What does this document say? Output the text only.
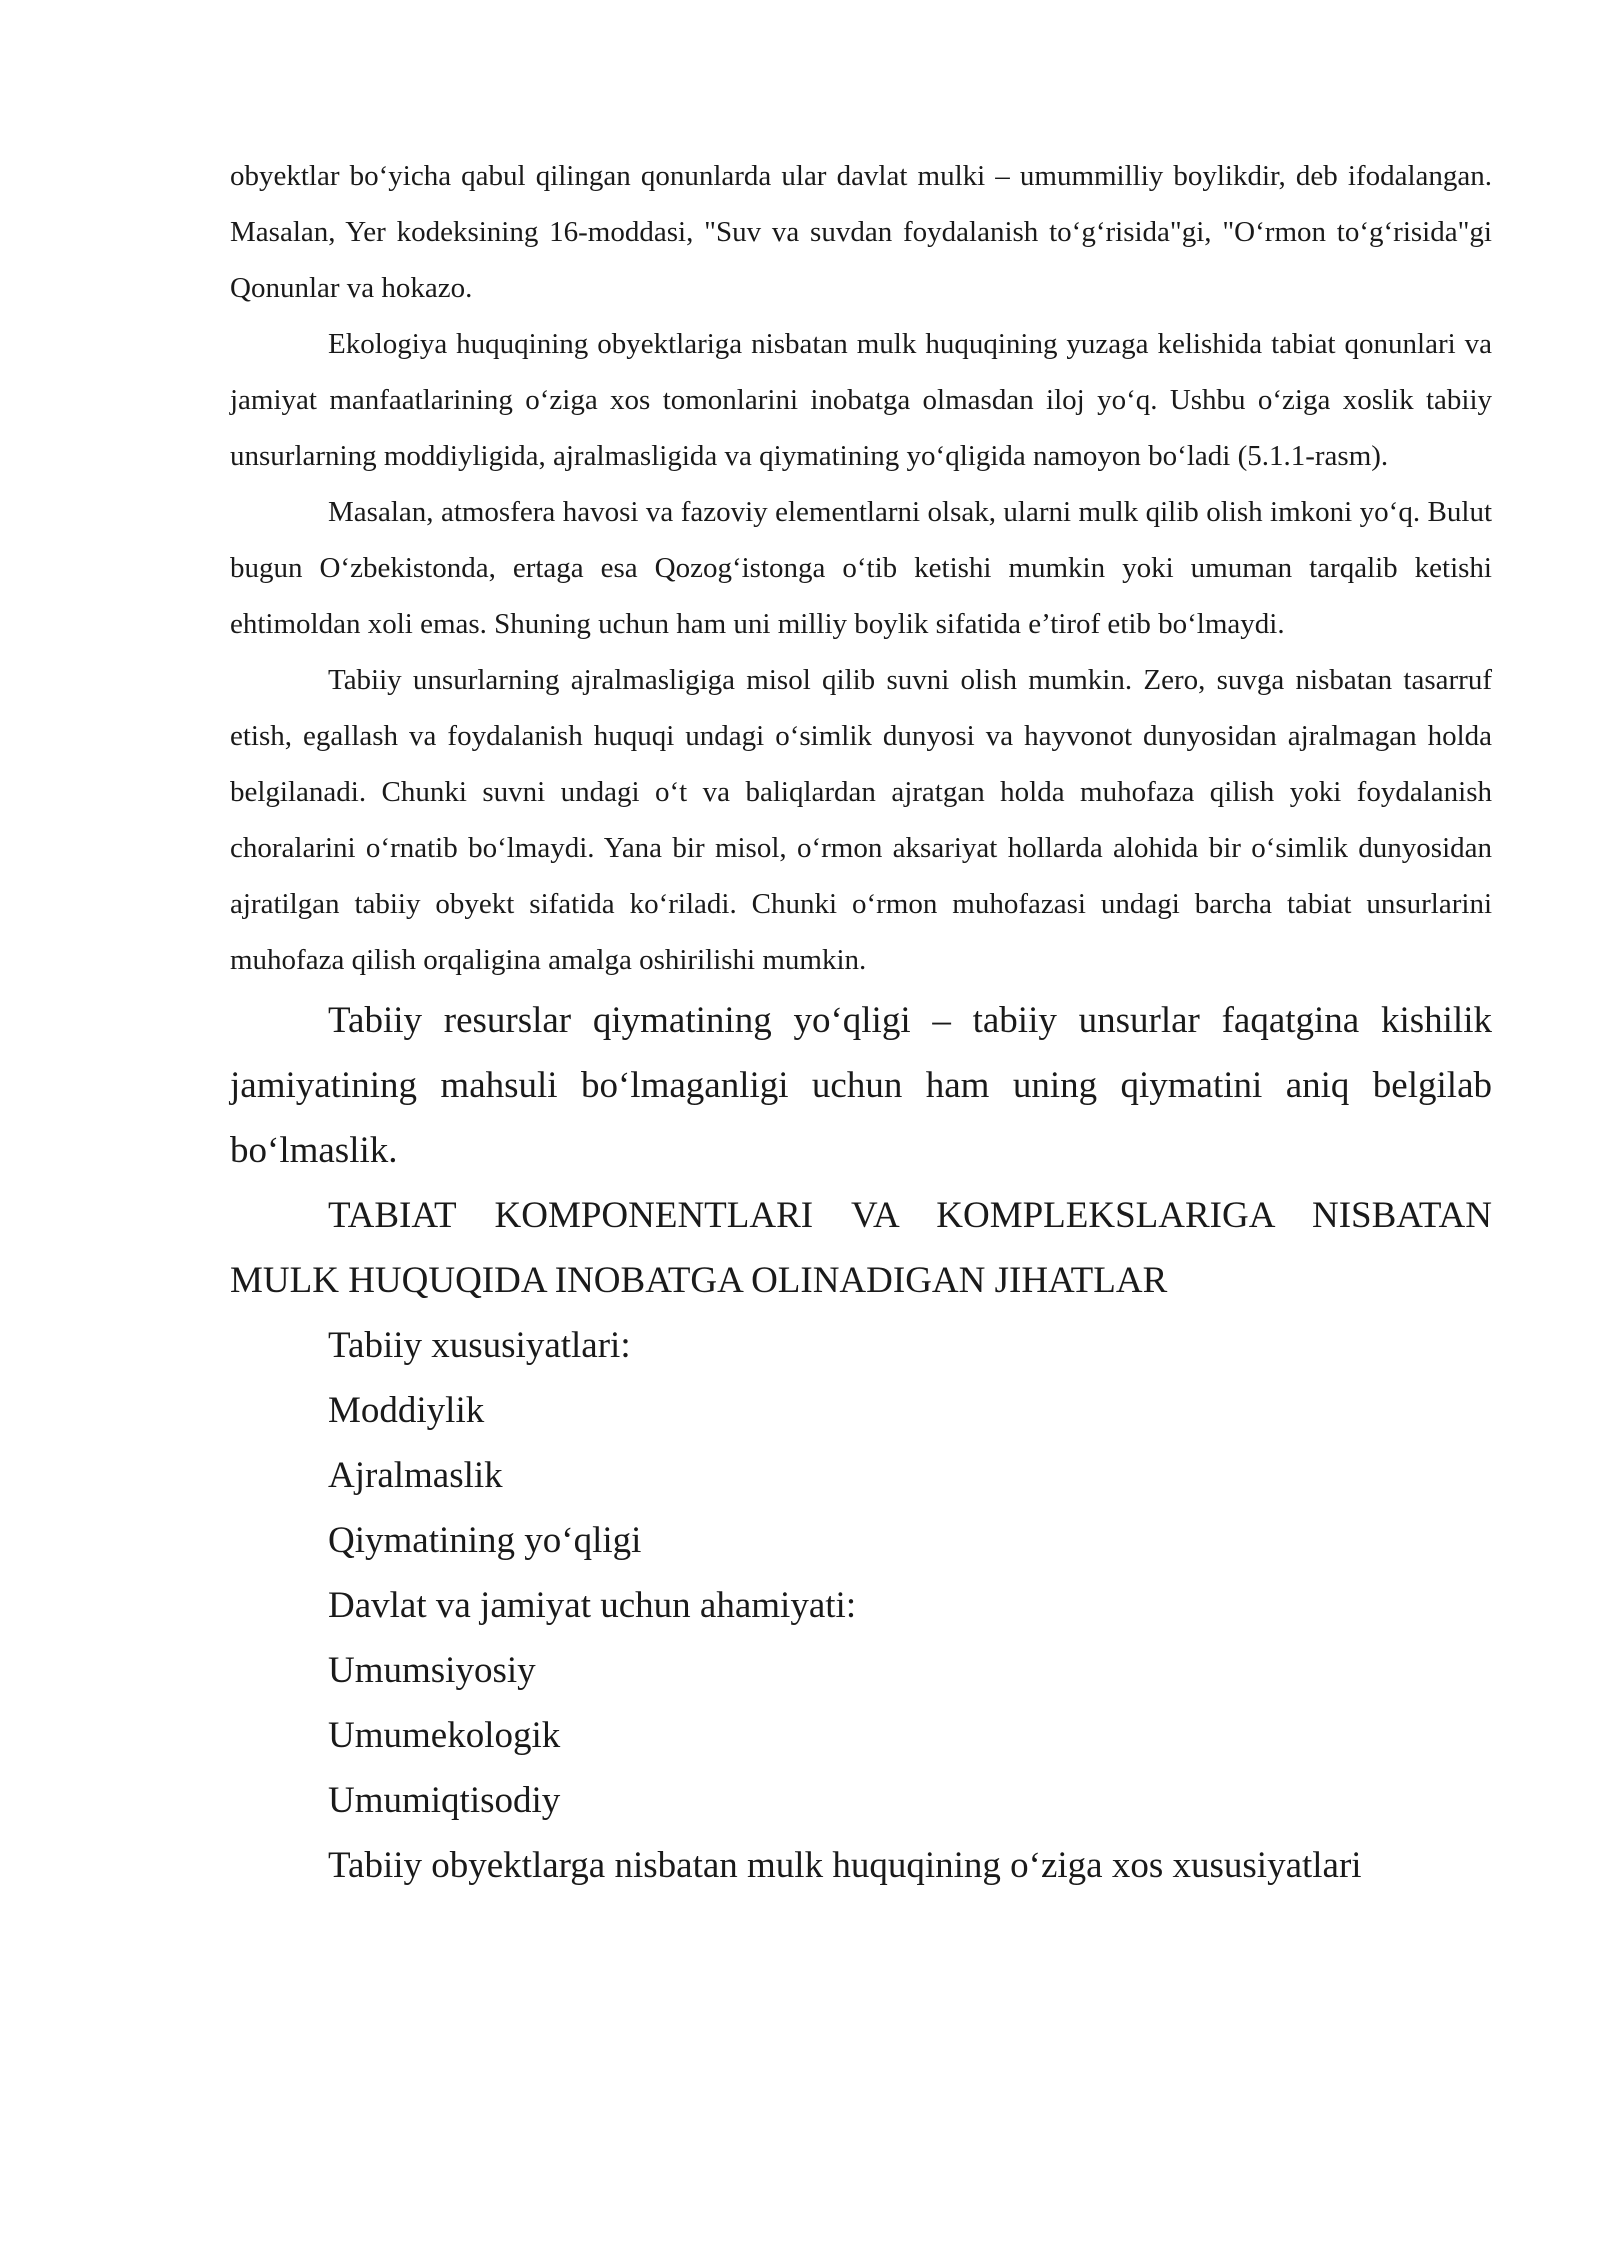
obyektlar bo‘yicha qabul qilingan qonunlarda ular davlat mulki – umummilliy boylikdir, deb ifodalangan. Masalan, Yer kodeksining 16-moddasi, "Suv va suvdan foydalanish to‘g‘risida"gi, "O‘rmon to‘g‘risida"gi Qonunlar va hokazo.

Ekologiya huquqining obyektlariga nisbatan mulk huquqining yuzaga kelishida tabiat qonunlari va jamiyat manfaatlarining o‘ziga xos tomonlarini inobatga olmasdan iloj yo‘q. Ushbu o‘ziga xoslik tabiiy unsurlarning moddiyligida, ajralmasligida va qiymatining yo‘qligida namoyon bo‘ladi (5.1.1-rasm).

Masalan, atmosfera havosi va fazoviy elementlarni olsak, ularni mulk qilib olish imkoni yo‘q. Bulut bugun O‘zbekistonda, ertaga esa Qozog‘istonga o‘tib ketishi mumkin yoki umuman tarqalib ketishi ehtimoldan xoli emas. Shuning uchun ham uni milliy boylik sifatida e’tirof etib bo‘lmaydi.

Tabiiy unsurlarning ajralmasligiga misol qilib suvni olish mumkin. Zero, suvga nisbatan tasarruf etish, egallash va foydalanish huquqi undagi o‘simlik dunyosi va hayvonot dunyosidan ajralmagan holda belgilanadi. Chunki suvni undagi o‘t va baliqlardan ajratgan holda muhofaza qilish yoki foydalanish choralarini o‘rnatib bo‘lmaydi. Yana bir misol, o‘rmon aksariyat hollarda alohida bir o‘simlik dunyosidan ajratilgan tabiiy obyekt sifatida ko‘riladi. Chunki o‘rmon muhofazasi undagi barcha tabiat unsurlarini muhofaza qilish orqaligina amalga oshirilishi mumkin.

Tabiiy resurslar qiymatining yo‘qligi – tabiiy unsurlar faqatgina kishilik jamiyatining mahsuli bo‘lmaganligi uchun ham uning qiymatini aniq belgilab bo‘lmaslik.

TABIAT KOMPONENTLARI VA KOMPLEKSLARIGA NISBATAN MULK HUQUQIDA INOBATGA OLINADIGAN JIHATLAR

Tabiiy xususiyatlari:

Moddiylik

Ajralmaslik

Qiymatining yo‘qligi

Davlat va jamiyat uchun ahamiyati:

Umumsiyosiy

Umumekologik

Umumiqtisodiy

Tabiiy obyektlarga nisbatan mulk huquqining o‘ziga xos xususiyatlari
